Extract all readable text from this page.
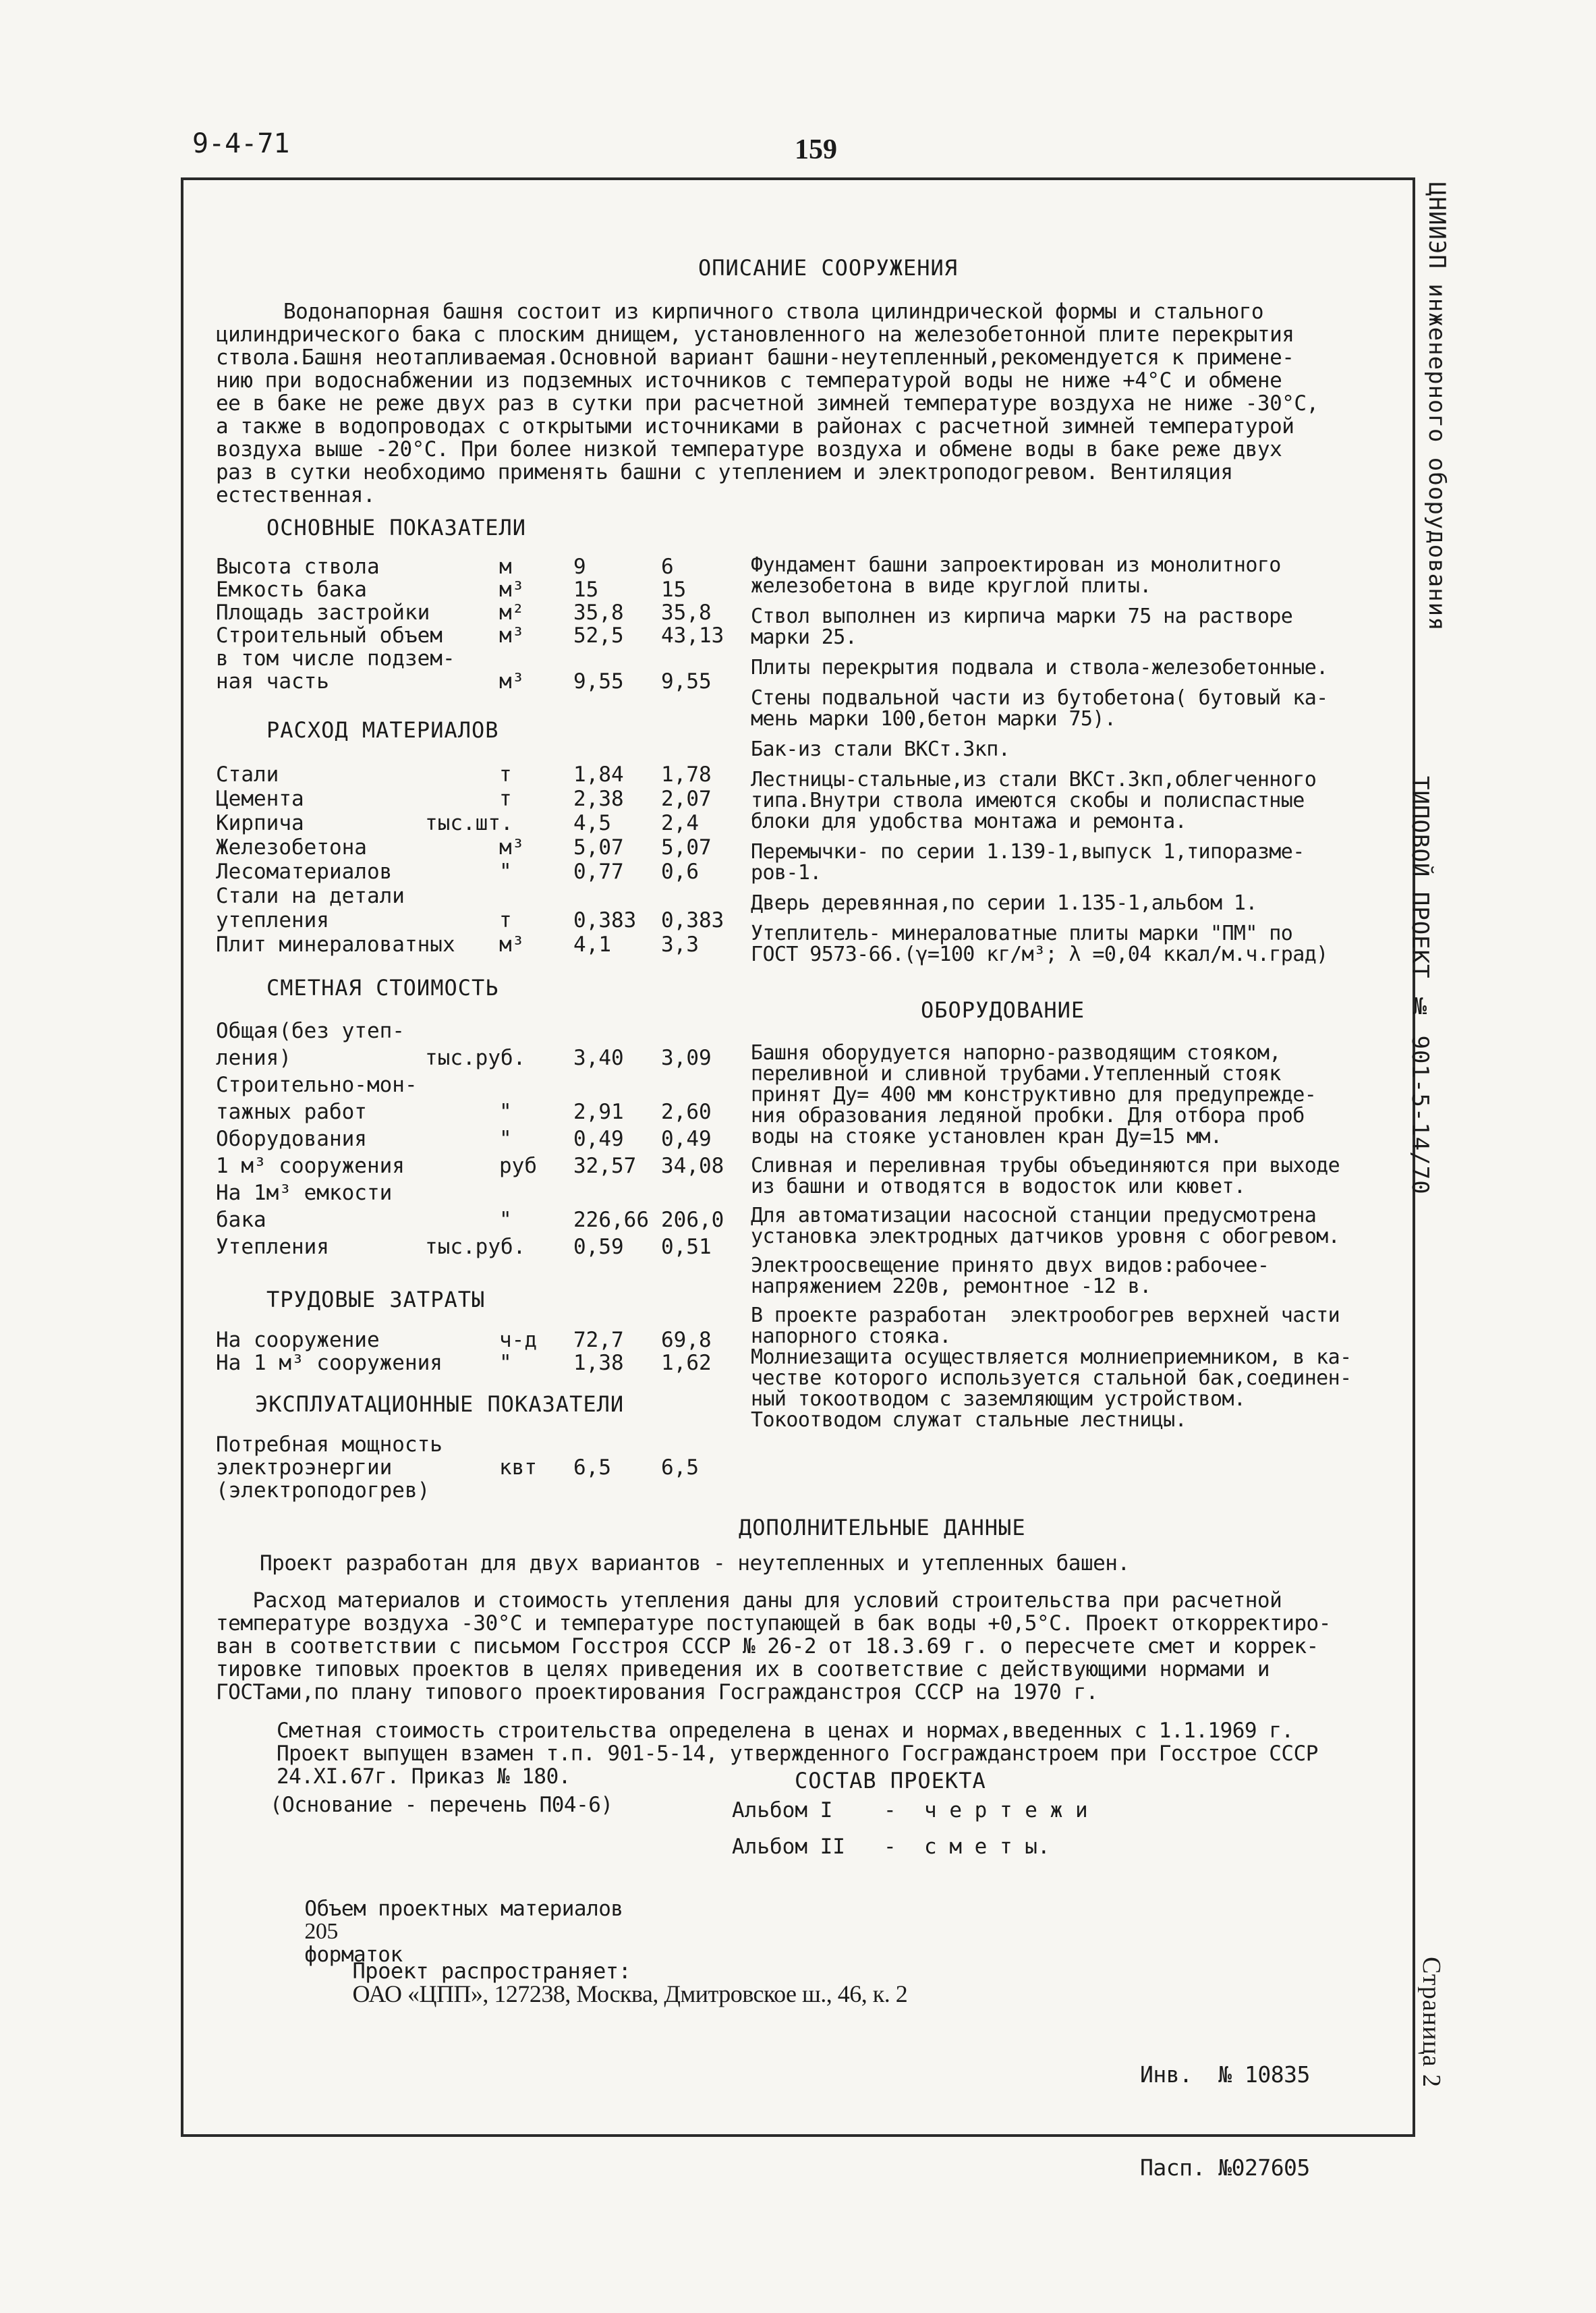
9-4-71	159
ЦНИИЭП инженерного оборудования
ТИПОВОЙ ПРОЕКТ № 901-5-14/70
Страница 2
ОПИСАНИЕ СООРУЖЕНИЯ
Водонапорная башня состоит из кирпичного ствола цилиндрической формы и стального
цилиндрического бака с плоским днищем, установленного на железобетонной плите перекрытия
ствола.Башня неотапливаемая.Основной вариант башни-неутепленный,рекомендуется к примене-
нию при водоснабжении из подземных источников с температурой воды не ниже +4°С и обмене
ее в баке не реже двух раз в сутки при расчетной зимней температуре воздуха не ниже -30°С,
а также в водопроводах с открытыми источниками в районах с расчетной зимней температурой
воздуха выше -20°С. При более низкой температуре воздуха и обмене воды в баке реже двух
раз в сутки необходимо применять башни с утеплением и электроподогревом. Вентиляция
естественная.
ОСНОВНЫЕ ПОКАЗАТЕЛИ
Высота ствола	м	9	6
Емкость бака	м³ 15	15
Площадь застройки	м² 35,8 35,8
Строительный объем	м³ 52,5 43,13
в том числе подзем-
ная часть	м³ 9,55 9,55
РАСХОД МАТЕРИАЛОВ
Стали	т	1,84 1,78
Цемента	т	2,38 2,07
Кирпича	тыс.шт.	4,5 2,4
Железобетона	м³ 5,07 5,07
Лесоматериалов	"	0,77 0,6
Стали на детали
утепления	т	0,383 0,383
Плит минераловатных м³ 4,1 3,3
СМЕТНАЯ СТОИМОСТЬ
Общая(без утеп-
ления)	тыс.руб. 3,40 3,09
Строительно-мон-
тажных работ	"	2,91 2,60
Оборудования	"	0,49 0,49
1 м³ сооружения	руб 32,57 34,08
На 1м³ емкости
бака	"	226,66 206,0
Утепления	тыс.руб. 0,59 0,51
ТРУДОВЫЕ ЗАТРАТЫ
На сооружение	ч-д 72,7 69,8
На 1 м³ сооружения	"	1,38 1,62
ЭКСПЛУАТАЦИОННЫЕ ПОКАЗАТЕЛИ
Потребная мощность
электроэнергии	квт 6,5 6,5
(электроподогрев)
Фундамент башни запроектирован из монолитного
железобетона в виде круглой плиты.
Ствол выполнен из кирпича марки 75 на растворе
марки 25.
Плиты перекрытия подвала и ствола-железобетонные.
Стены подвальной части из бутобетона( бутовый ка-
мень марки 100,бетон марки 75).
Бак-из стали ВКСт.3кп.
Лестницы-стальные,из стали ВКСт.3кп,облегченного
типа.Внутри ствола имеются скобы и полиспастные
блоки для удобства монтажа и ремонта.
Перемычки- по серии 1.139-1,выпуск 1,типоразме-
ров-1.
Дверь деревянная,по серии 1.135-1,альбом 1.
Утеплитель- минераловатные плиты марки "ПМ" по
ГОСТ 9573-66.(γ=100 кг/м³; λ =0,04 ккал/м.ч.град)
ОБОРУДОВАНИЕ
Башня оборудуется напорно-разводящим стояком,
переливной и сливной трубами.Утепленный стояк
принят Ду= 400 мм конструктивно для предупрежде-
ния образования ледяной пробки. Для отбора проб
воды на стояке установлен кран Ду=15 мм.
Сливная и переливная трубы объединяются при выходе
из башни и отводятся в водосток или кювет.
Для автоматизации насосной станции предусмотрена
установка электродных датчиков уровня с обогревом.
Электроосвещение принято двух видов:рабочее-
напряжением 220в, ремонтное -12 в.
В проекте разработан  электрообогрев верхней части
напорного стояка.
Молниезащита осуществляется молниеприемником, в ка-
честве которого используется стальной бак,соединен-
ный токоотводом с заземляющим устройством.
Токоотводом служат стальные лестницы.
ДОПОЛНИТЕЛЬНЫЕ ДАННЫЕ
Проект разработан для двух вариантов - неутепленных и утепленных башен.
Расход материалов и стоимость утепления даны для условий строительства при расчетной
температуре воздуха -30°С и температуре поступающей в бак воды +0,5°С. Проект откорректиро-
ван в соответствии с письмом Госстроя СССР № 26-2 от 18.3.69 г. о пересчете смет и коррек-
тировке типовых проектов в целях приведения их в соответствие с действующими нормами и
ГОСТами,по плану типового проектирования Госгражданстроя СССР на 1970 г.
Сметная стоимость строительства определена в ценах и нормах,введенных с 1.1.1969 г.
Проект выпущен взамен т.п. 901-5-14, утвержденного Госгражданстроем при Госстрое СССР
24.XI.67г. Приказ № 180.	СОСТАВ ПРОЕКТА
(Основание - перечень П04-6)	Альбом I - ч е р т е ж и
Альбом II - с м е т ы.

Объем проектных материалов
205
форматок

Проект распространяет:
ОАО «ЦПП», 127238, Москва, Дмитровское ш., 46, к. 2

Инв. № 10835

Пасп. №027605
